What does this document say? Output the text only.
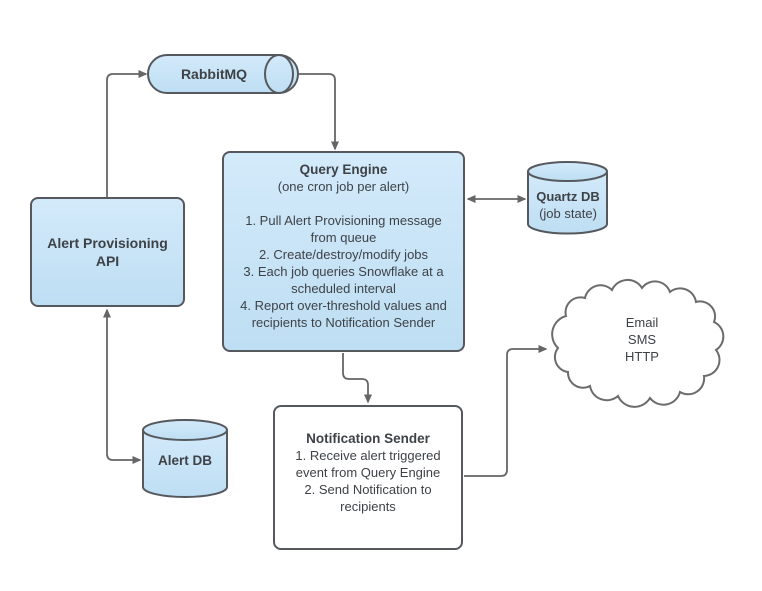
RabbitMQ
Alert Provisioning API
Query Engine
(one cron job per alert)
1. Pull Alert Provisioning message from queue
2. Create/destroy/modify jobs
3. Each job queries Snowflake at a scheduled interval
4. Report over-threshold values and recipients to Notification Sender
Quartz DB
(job state)
Alert DB
Notification Sender
1. Receive alert triggered event from Query Engine
2. Send Notification to recipients
Email
SMS
HTTP
